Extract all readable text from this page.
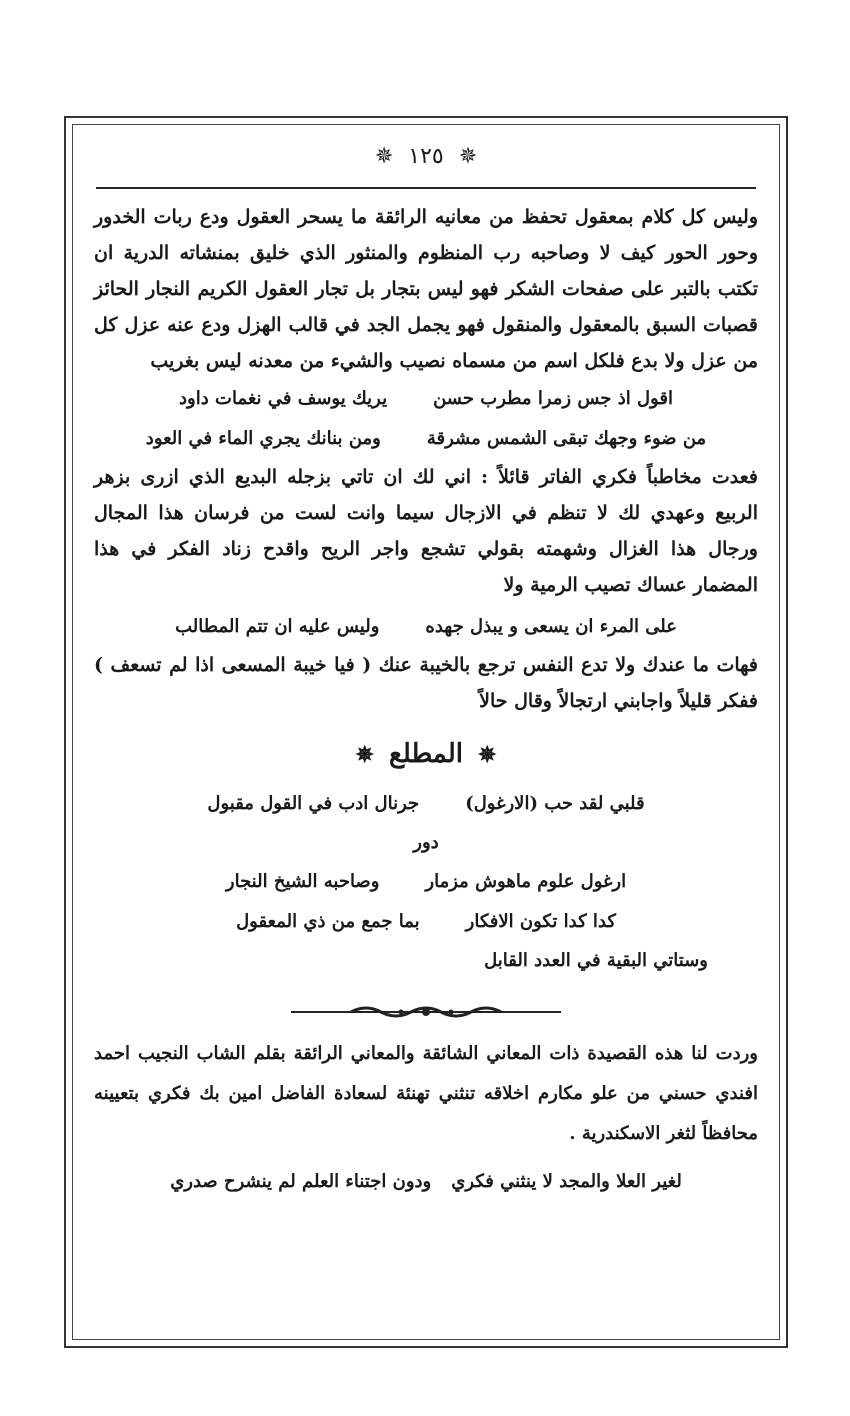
✵ ١٢٥ ✵

وليس كل كلام بمعقول تحفظ من معانيه الرائقة ما يسحر العقول ودع ربات الخدور وحور الحور كيف لا وصاحبه رب المنظوم والمنثور الذي خليق بمنشاته الدرية ان تكتب بالتبر على صفحات الشكر فهو ليس بتجار بل تجار العقول الكريم النجار الحائز قصبات السبق بالمعقول والمنقول فهو يجمل الجد في قالب الهزل ودع عنه عزل كل من عزل ولا بدع فلكل اسم من مسماه نصيب والشيء من معدنه ليس بغريب

اقول اذ جس زمرا مطرب حسن
يريك يوسف في نغمات داود
من ضوء وجهك تبقى الشمس مشرقة
ومن بنانك يجري الماء في العود

فعدت مخاطباً فكري الفاتر قائلاً : اني لك ان تاتي بزجله البديع الذي ازرى بزهر الربيع وعهدي لك لا تنظم في الازجال سيما وانت لست من فرسان هذا المجال ورجال هذا الغزال وشهمته بقولي تشجع واجر الريح واقدح زناد الفكر في هذا المضمار عساك تصيب الرمية ولا

على المرء ان يسعى و يبذل جهده
وليس عليه ان تتم المطالب

فهات ما عندك ولا تدع النفس ترجع بالخيبة عنك ( فيا خيبة المسعى اذا لم تسعف ) ففكر قليلاً واجابني ارتجالاً وقال حالاً

✵ المطلع ✵
قلبي لقد حب (الارغول)
جرنال ادب في القول مقبول
دور
ارغول علوم ماهوش مزمار
وصاحبه الشيخ النجار
كدا كدا تكون الافكار
بما جمع من ذي المعقول
وستاتي البقية في العدد القابل

وردت لنا هذه القصيدة ذات المعاني الشائقة والمعاني الرائقة بقلم الشاب النجيب احمد افندي حسني من علو مكارم اخلاقه تنثني تهنئة لسعادة الفاضل امين بك فكري بتعيينه محافظاً لثغر الاسكندرية .

لغير العلا والمجد لا ينثني فكري
ودون اجتناء العلم لم ينشرح صدري
